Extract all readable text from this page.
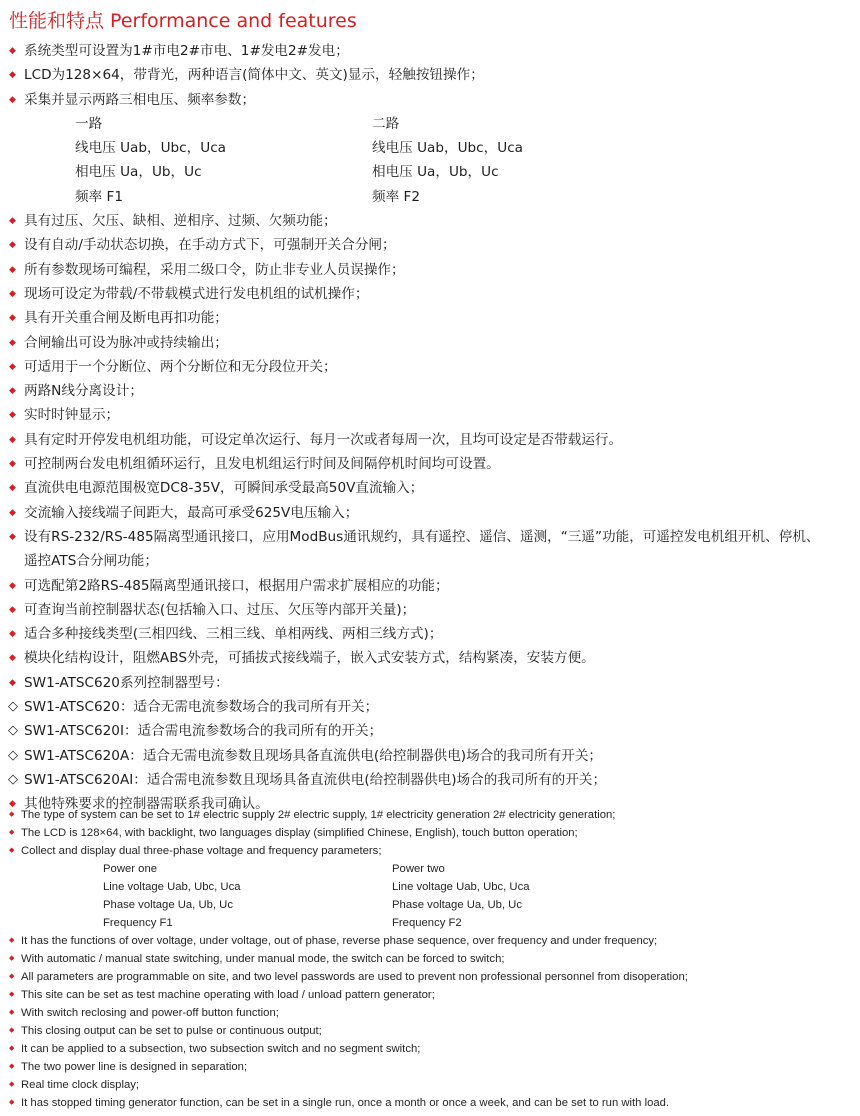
性能和特点 Performance and features
◆ 系统类型可设置为1#市电2#市电、1#发电2#发电；
◆ LCD为128×64，带背光，两种语言(简体中文、英文)显示，轻触按钮操作；
◆ 采集并显示两路三相电压、频率参数；
一路	二路
线电压 Uab，Ubc，Uca	线电压 Uab，Ubc，Uca
相电压 Ua，Ub，Uc	相电压 Ua，Ub，Uc
频率 F1	频率 F2
◆ 具有过压、欠压、缺相、逆相序、过频、欠频功能；
◆ 设有自动/手动状态切换，在手动方式下，可强制开关合分闸；
◆ 所有参数现场可编程，采用二级口令，防止非专业人员误操作；
◆ 现场可设定为带载/不带载模式进行发电机组的试机操作；
◆ 具有开关重合闸及断电再扣功能；
◆ 合闸输出可设为脉冲或持续输出；
◆ 可适用于一个分断位、两个分断位和无分段位开关；
◆ 两路N线分离设计；
◆ 实时时钟显示；
◆ 具有定时开停发电机组功能，可设定单次运行、每月一次或者每周一次，且均可设定是否带载运行。
◆ 可控制两台发电机组循环运行，且发电机组运行时间及间隔停机时间均可设置。
◆ 直流供电电源范围极宽DC8-35V，可瞬间承受最高50V直流输入；
◆ 交流输入接线端子间距大，最高可承受625V电压输入；
◆ 设有RS-232/RS-485隔离型通讯接口，应用ModBus通讯规约，具有遥控、遥信、遥测，“三遥”功能，可遥控发电机组开机、停机、
遥控ATS合分闸功能；
◆ 可选配第2路RS-485隔离型通讯接口，根据用户需求扩展相应的功能；
◆ 可查询当前控制器状态(包括输入口、过压、欠压等内部开关量)；
◆ 适合多种接线类型(三相四线、三相三线、单相两线、两相三线方式)；
◆ 模块化结构设计，阻燃ABS外壳，可插拔式接线端子，嵌入式安装方式，结构紧凑，安装方便。
◆ SW1-ATSC620系列控制器型号：
◇ SW1-ATSC620：适合无需电流参数场合的我司所有开关；
◇ SW1-ATSC620I：适合需电流参数场合的我司所有的开关；
◇ SW1-ATSC620A：适合无需电流参数且现场具备直流供电(给控制器供电)场合的我司所有开关；
◇ SW1-ATSC620AI：适合需电流参数且现场具备直流供电(给控制器供电)场合的我司所有的开关；
◆ 其他特殊要求的控制器需联系我司确认。
◆ The type of system can be set to 1# electric supply 2# electric supply, 1# electricity generation 2# electricity generation;
◆ The LCD is 128×64, with backlight, two languages display (simplified Chinese, English), touch button operation;
◆ Collect and display dual three-phase voltage and frequency parameters;
Power one	Power two
Line voltage Uab, Ubc, Uca	Line voltage Uab, Ubc, Uca
Phase voltage Ua, Ub, Uc	Phase voltage Ua, Ub, Uc
Frequency F1	Frequency F2
◆ It has the functions of over voltage, under voltage, out of phase, reverse phase sequence, over frequency and under frequency;
◆ With automatic / manual state switching, under manual mode, the switch can be forced to switch;
◆ All parameters are programmable on site, and two level passwords are used to prevent non professional personnel from disoperation;
◆ This site can be set as test machine operating with load / unload pattern generator;
◆ With switch reclosing and power-off button function;
◆ This closing output can be set to pulse or continuous output;
◆ It can be applied to a subsection, two subsection switch and no segment switch;
◆ The two power line is designed in separation;
◆ Real time clock display;
◆ It has stopped timing generator function, can be set in a single run, once a month or once a week, and can be set to run with load.
